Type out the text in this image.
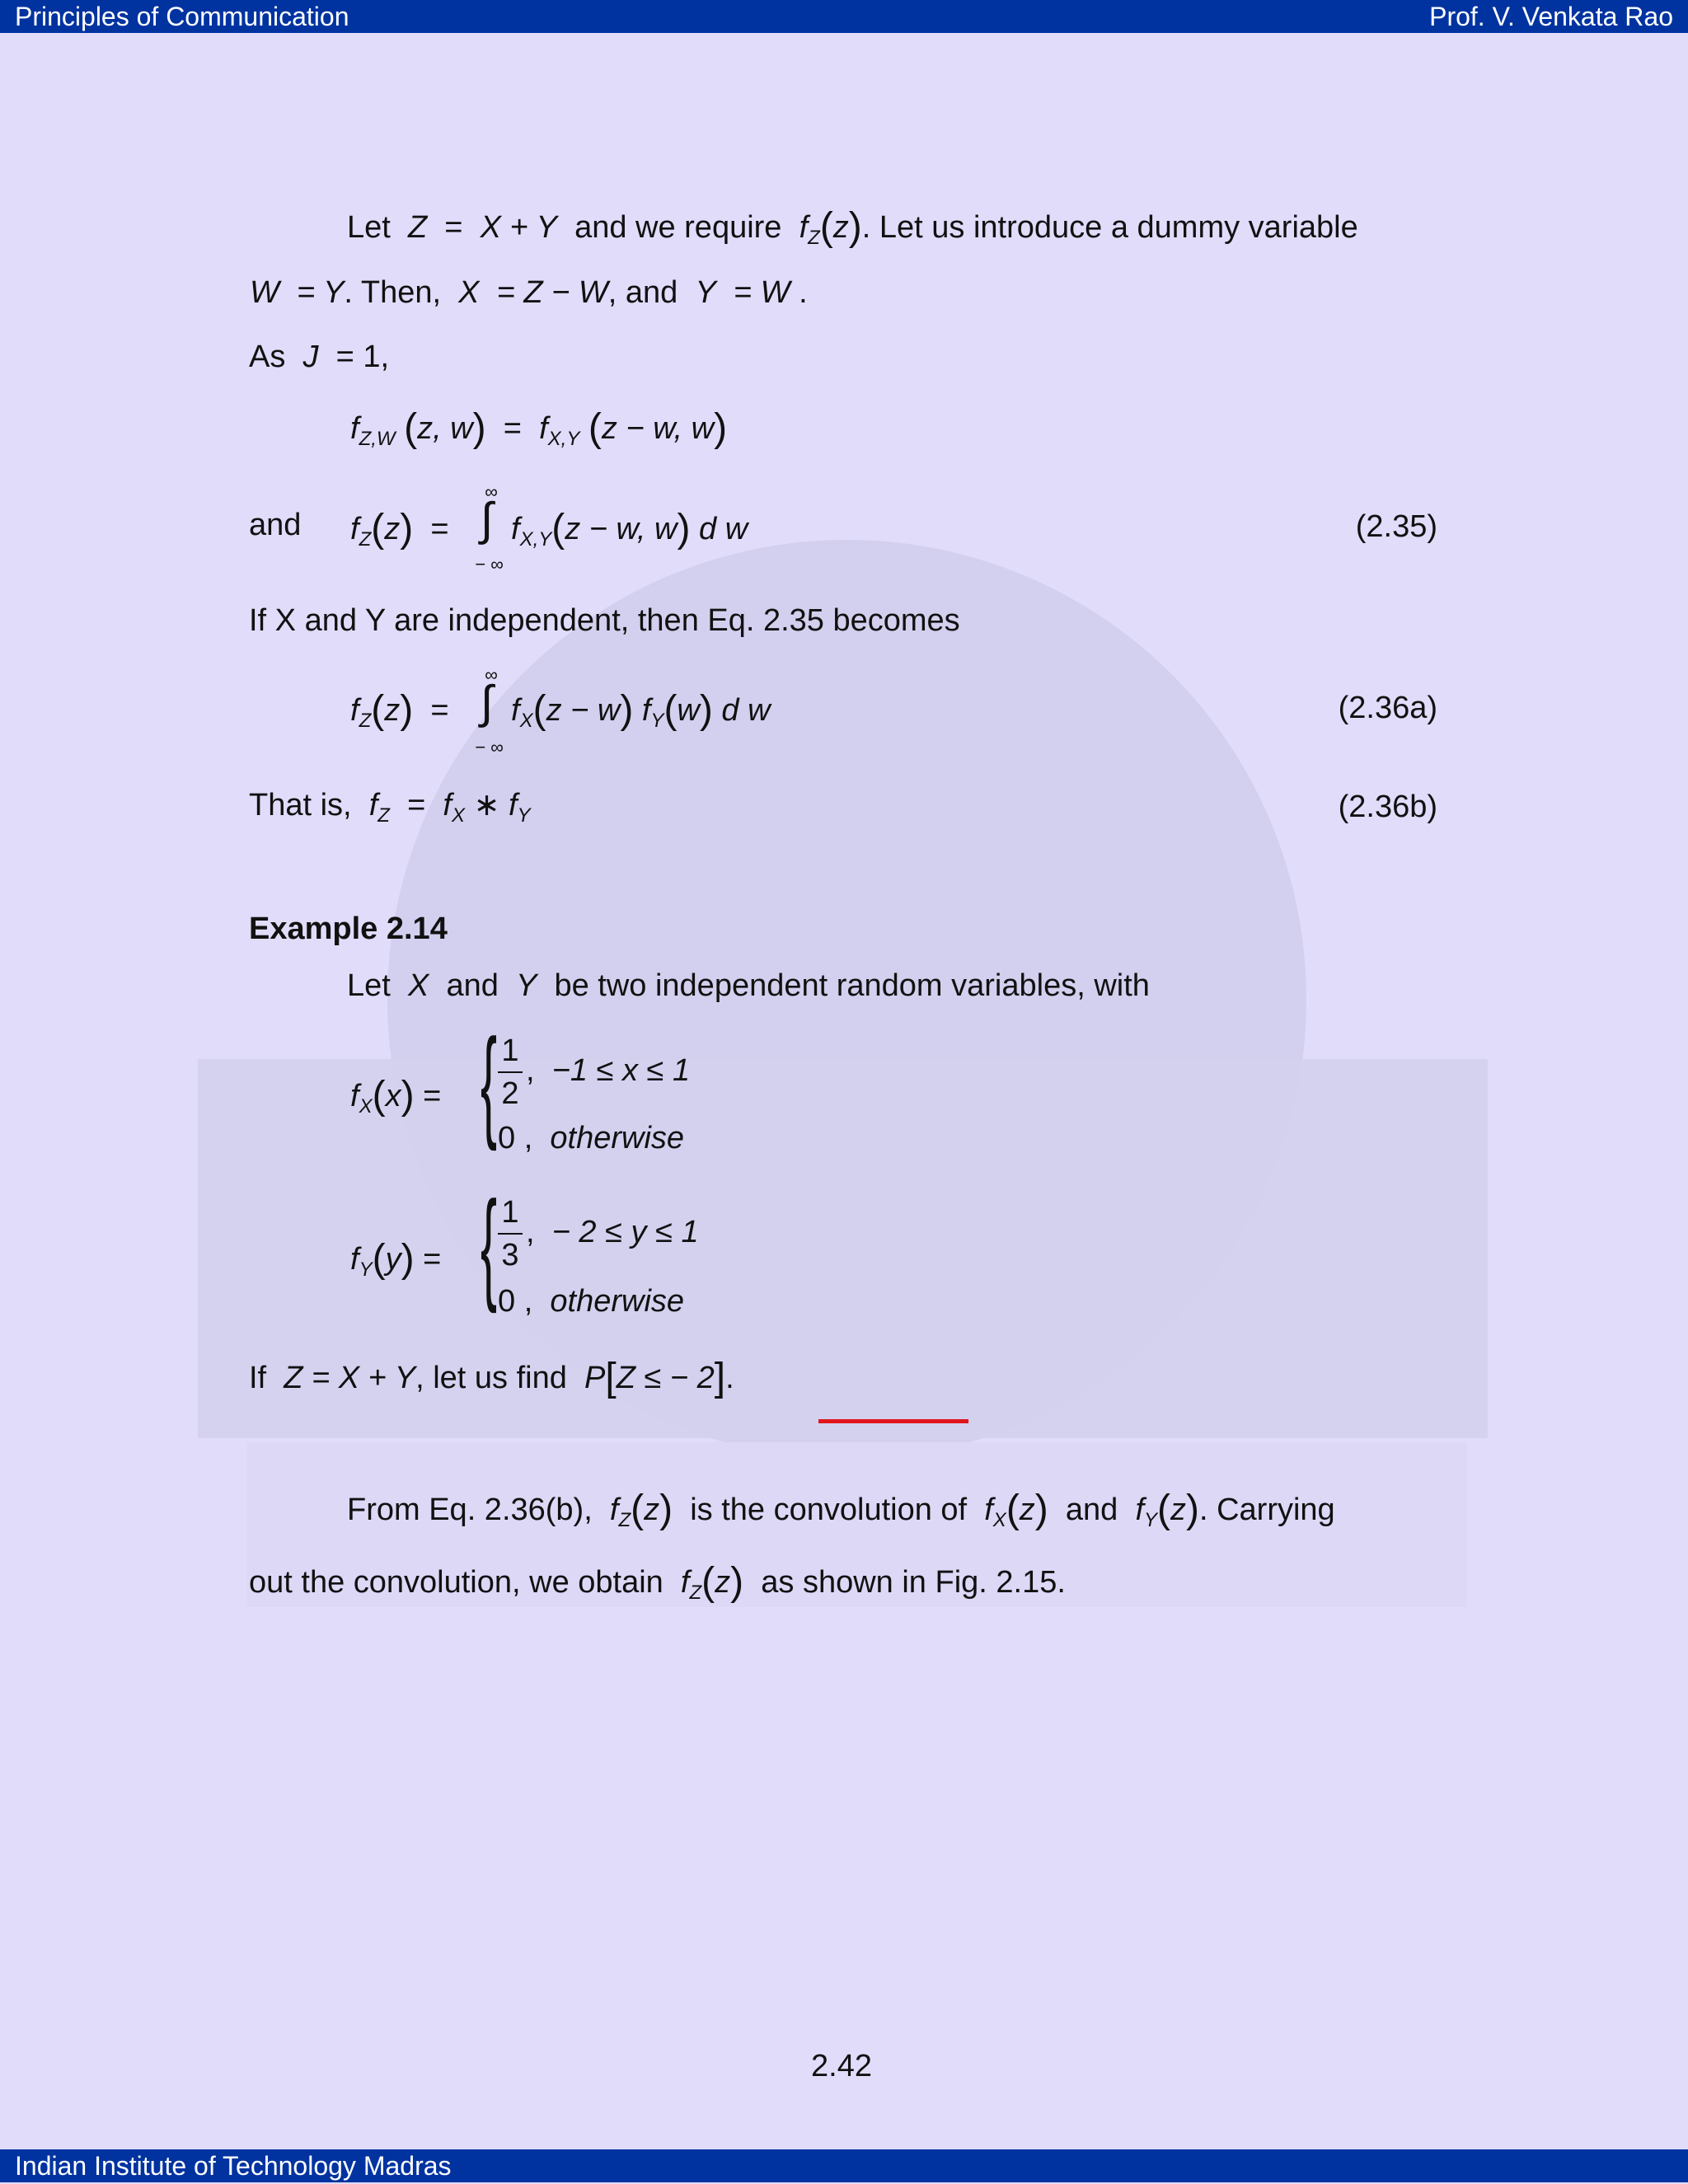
Principles of Communication	Prof. V. Venkata Rao
Let Z = X + Y and we require $f_Z(z)$. Let us introduce a dummy variable
W = Y. Then, X = Z − W, and Y = W .
As J = 1,
$f_{Z,W}$ (z, $w) = f_{X,Y}$ (z − w, w)
and $f_Z(z)$ =
∞
∫
− ∞
$f_{X,Y}(z - w$, w) d w	(2.35)
If X and Y are independent, then Eq. 2.35 becomes
$f_Z(z)$ =
∞
∫
− ∞
$f_X(z - w)$ $f_Y(w)$ d w	(2.36a)
That is, $f_Z = f_X$ ∗ $f_Y$	(2.36b)
Example 2.14
Let X and Y be two independent random variables, with
$f_X(x)$ = { 1
2
, −1 ≤ x ≤ 1
0 , otherwise
$f_Y(y)$ = { 1
3
, − 2 ≤ y ≤ 1
0 , otherwise
If Z = X + Y, let us find P[Z ≤ − 2].
From Eq. 2.36(b), $f_Z(z)$ is the convolution of $f_X(z)$ and $f_Y(z)$. Carrying
out the convolution, we obtain $f_Z(z)$ as shown in Fig. 2.15.
2.42
Indian Institute of Technology Madras
